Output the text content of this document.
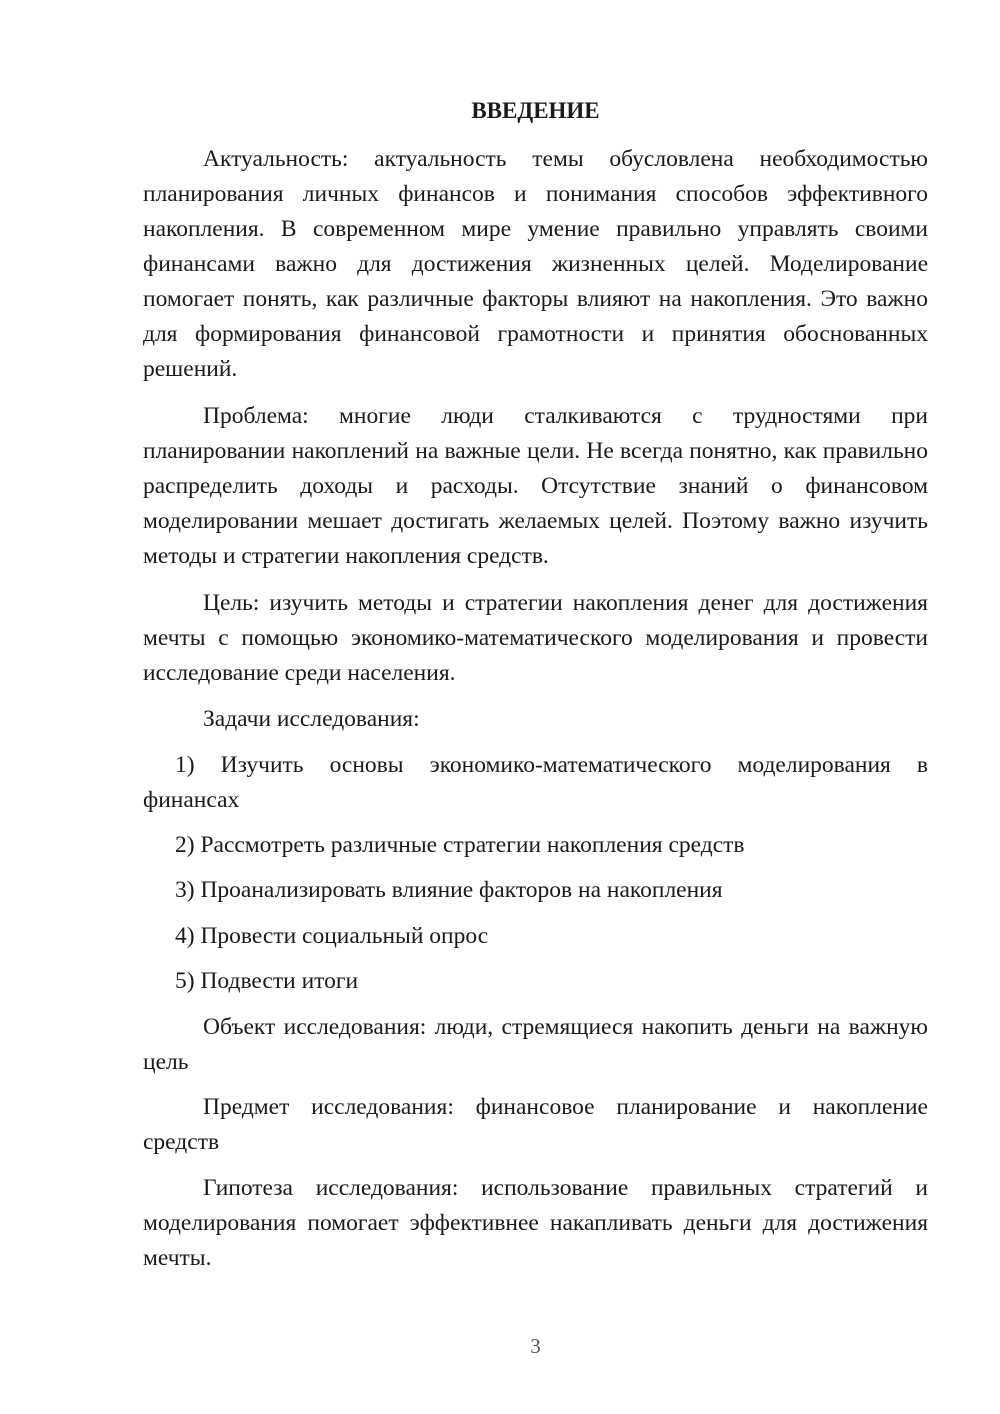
ВВЕДЕНИЕ

Актуальность: актуальность темы обусловлена необходимостью планирования личных финансов и понимания способов эффективного накопления. В современном мире умение правильно управлять своими финансами важно для достижения жизненных целей. Моделирование помогает понять, как различные факторы влияют на накопления. Это важно для формирования финансовой грамотности и принятия обоснованных решений.

Проблема: многие люди сталкиваются с трудностями при планировании накоплений на важные цели. Не всегда понятно, как правильно распределить доходы и расходы. Отсутствие знаний о финансовом моделировании мешает достигать желаемых целей. Поэтому важно изучить методы и стратегии накопления средств.

Цель: изучить методы и стратегии накопления денег для достижения мечты с помощью экономико-математического моделирования и провести исследование среди населения.

Задачи исследования:

1) Изучить основы экономико-математического моделирования в финансах

2) Рассмотреть различные стратегии накопления средств

3) Проанализировать влияние факторов на накопления

4) Провести социальный опрос

5) Подвести итоги

Объект исследования: люди, стремящиеся накопить деньги на важную цель

Предмет исследования: финансовое планирование и накопление средств

Гипотеза исследования: использование правильных стратегий и моделирования помогает эффективнее накапливать деньги для достижения мечты.

3
